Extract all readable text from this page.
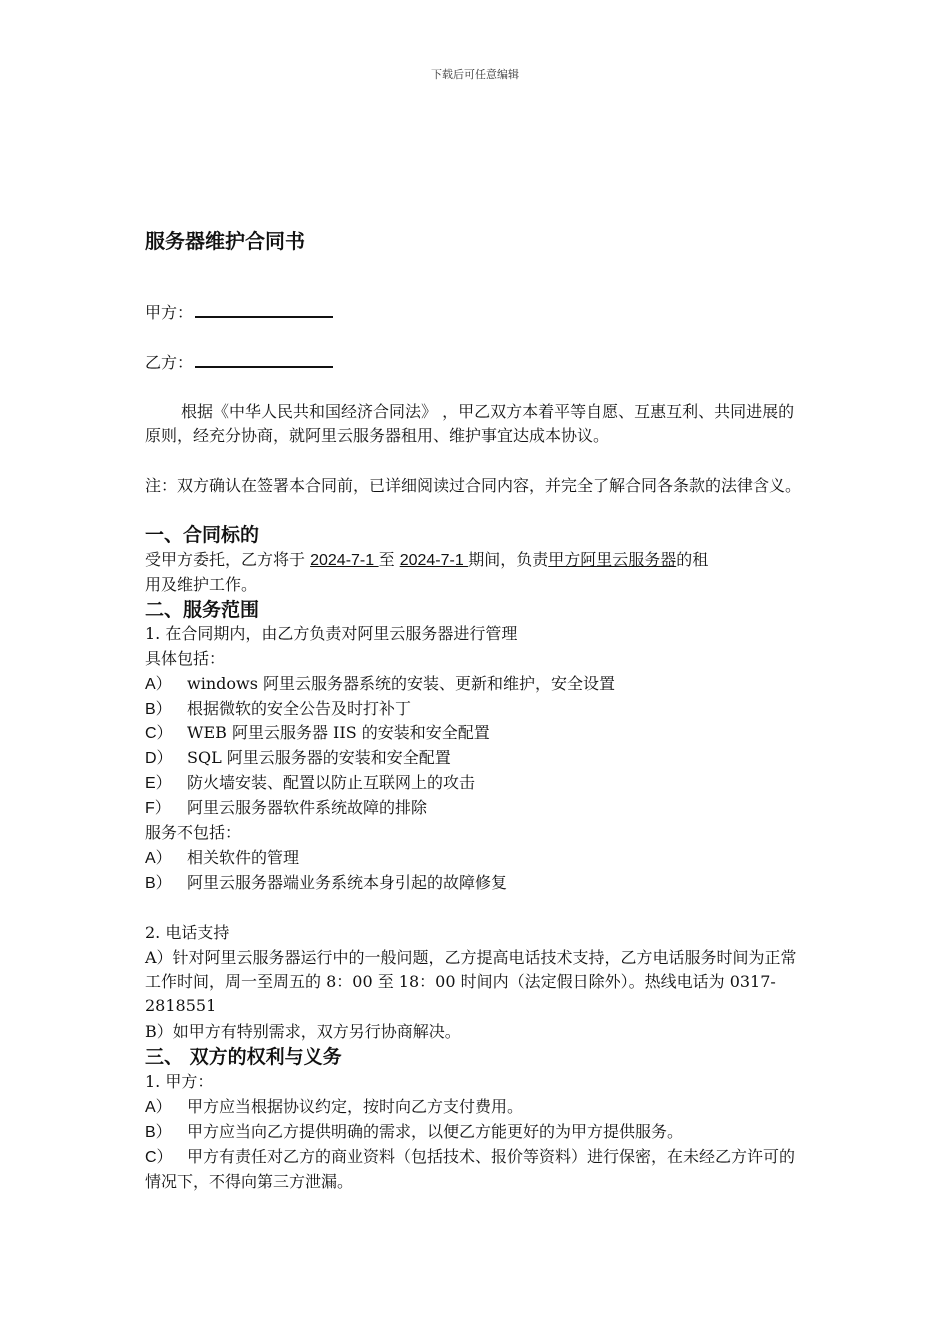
下载后可任意编辑
服务器维护合同书
甲方：
乙方：
根据《中华人民共和国经济合同法》 ，甲乙双方本着平等自愿、互惠互利、共同进展的原则，经充分协商，就阿里云服务器租用、维护事宜达成本协议。
注：双方确认在签署本合同前，已详细阅读过合同内容，并完全了解合同各条款的法律含义。
一、合同标的
受甲方委托，乙方将于 2024-7-1 至 2024-7-1 期间，负责甲方阿里云服务器的租
用及维护工作。
二、服务范围
1. 在合同期内，由乙方负责对阿里云服务器进行管理
具体包括：
A） windows 阿里云服务器系统的安装、更新和维护，安全设置
B） 根据微软的安全公告及时打补丁
C） WEB 阿里云服务器 IIS 的安装和安全配置
D） SQL 阿里云服务器的安装和安全配置
E） 防火墙安装、配置以防止互联网上的攻击
F） 阿里云服务器软件系统故障的排除
服务不包括：
A） 相关软件的管理
B） 阿里云服务器端业务系统本身引起的故障修复
2. 电话支持
A）针对阿里云服务器运行中的一般问题，乙方提高电话技术支持，乙方电话服务时间为正常工作时间，周一至周五的 8：00 至 18：00 时间内（法定假日除外）。热线电话为 0317-2818551
B）如甲方有特别需求，双方另行协商解决。
三、 双方的权利与义务
1. 甲方：
A） 甲方应当根据协议约定，按时向乙方支付费用。
B） 甲方应当向乙方提供明确的需求，以便乙方能更好的为甲方提供服务。
C） 甲方有责任对乙方的商业资料（包括技术、报价等资料）进行保密，在未经乙方许可的情况下，不得向第三方泄漏。
